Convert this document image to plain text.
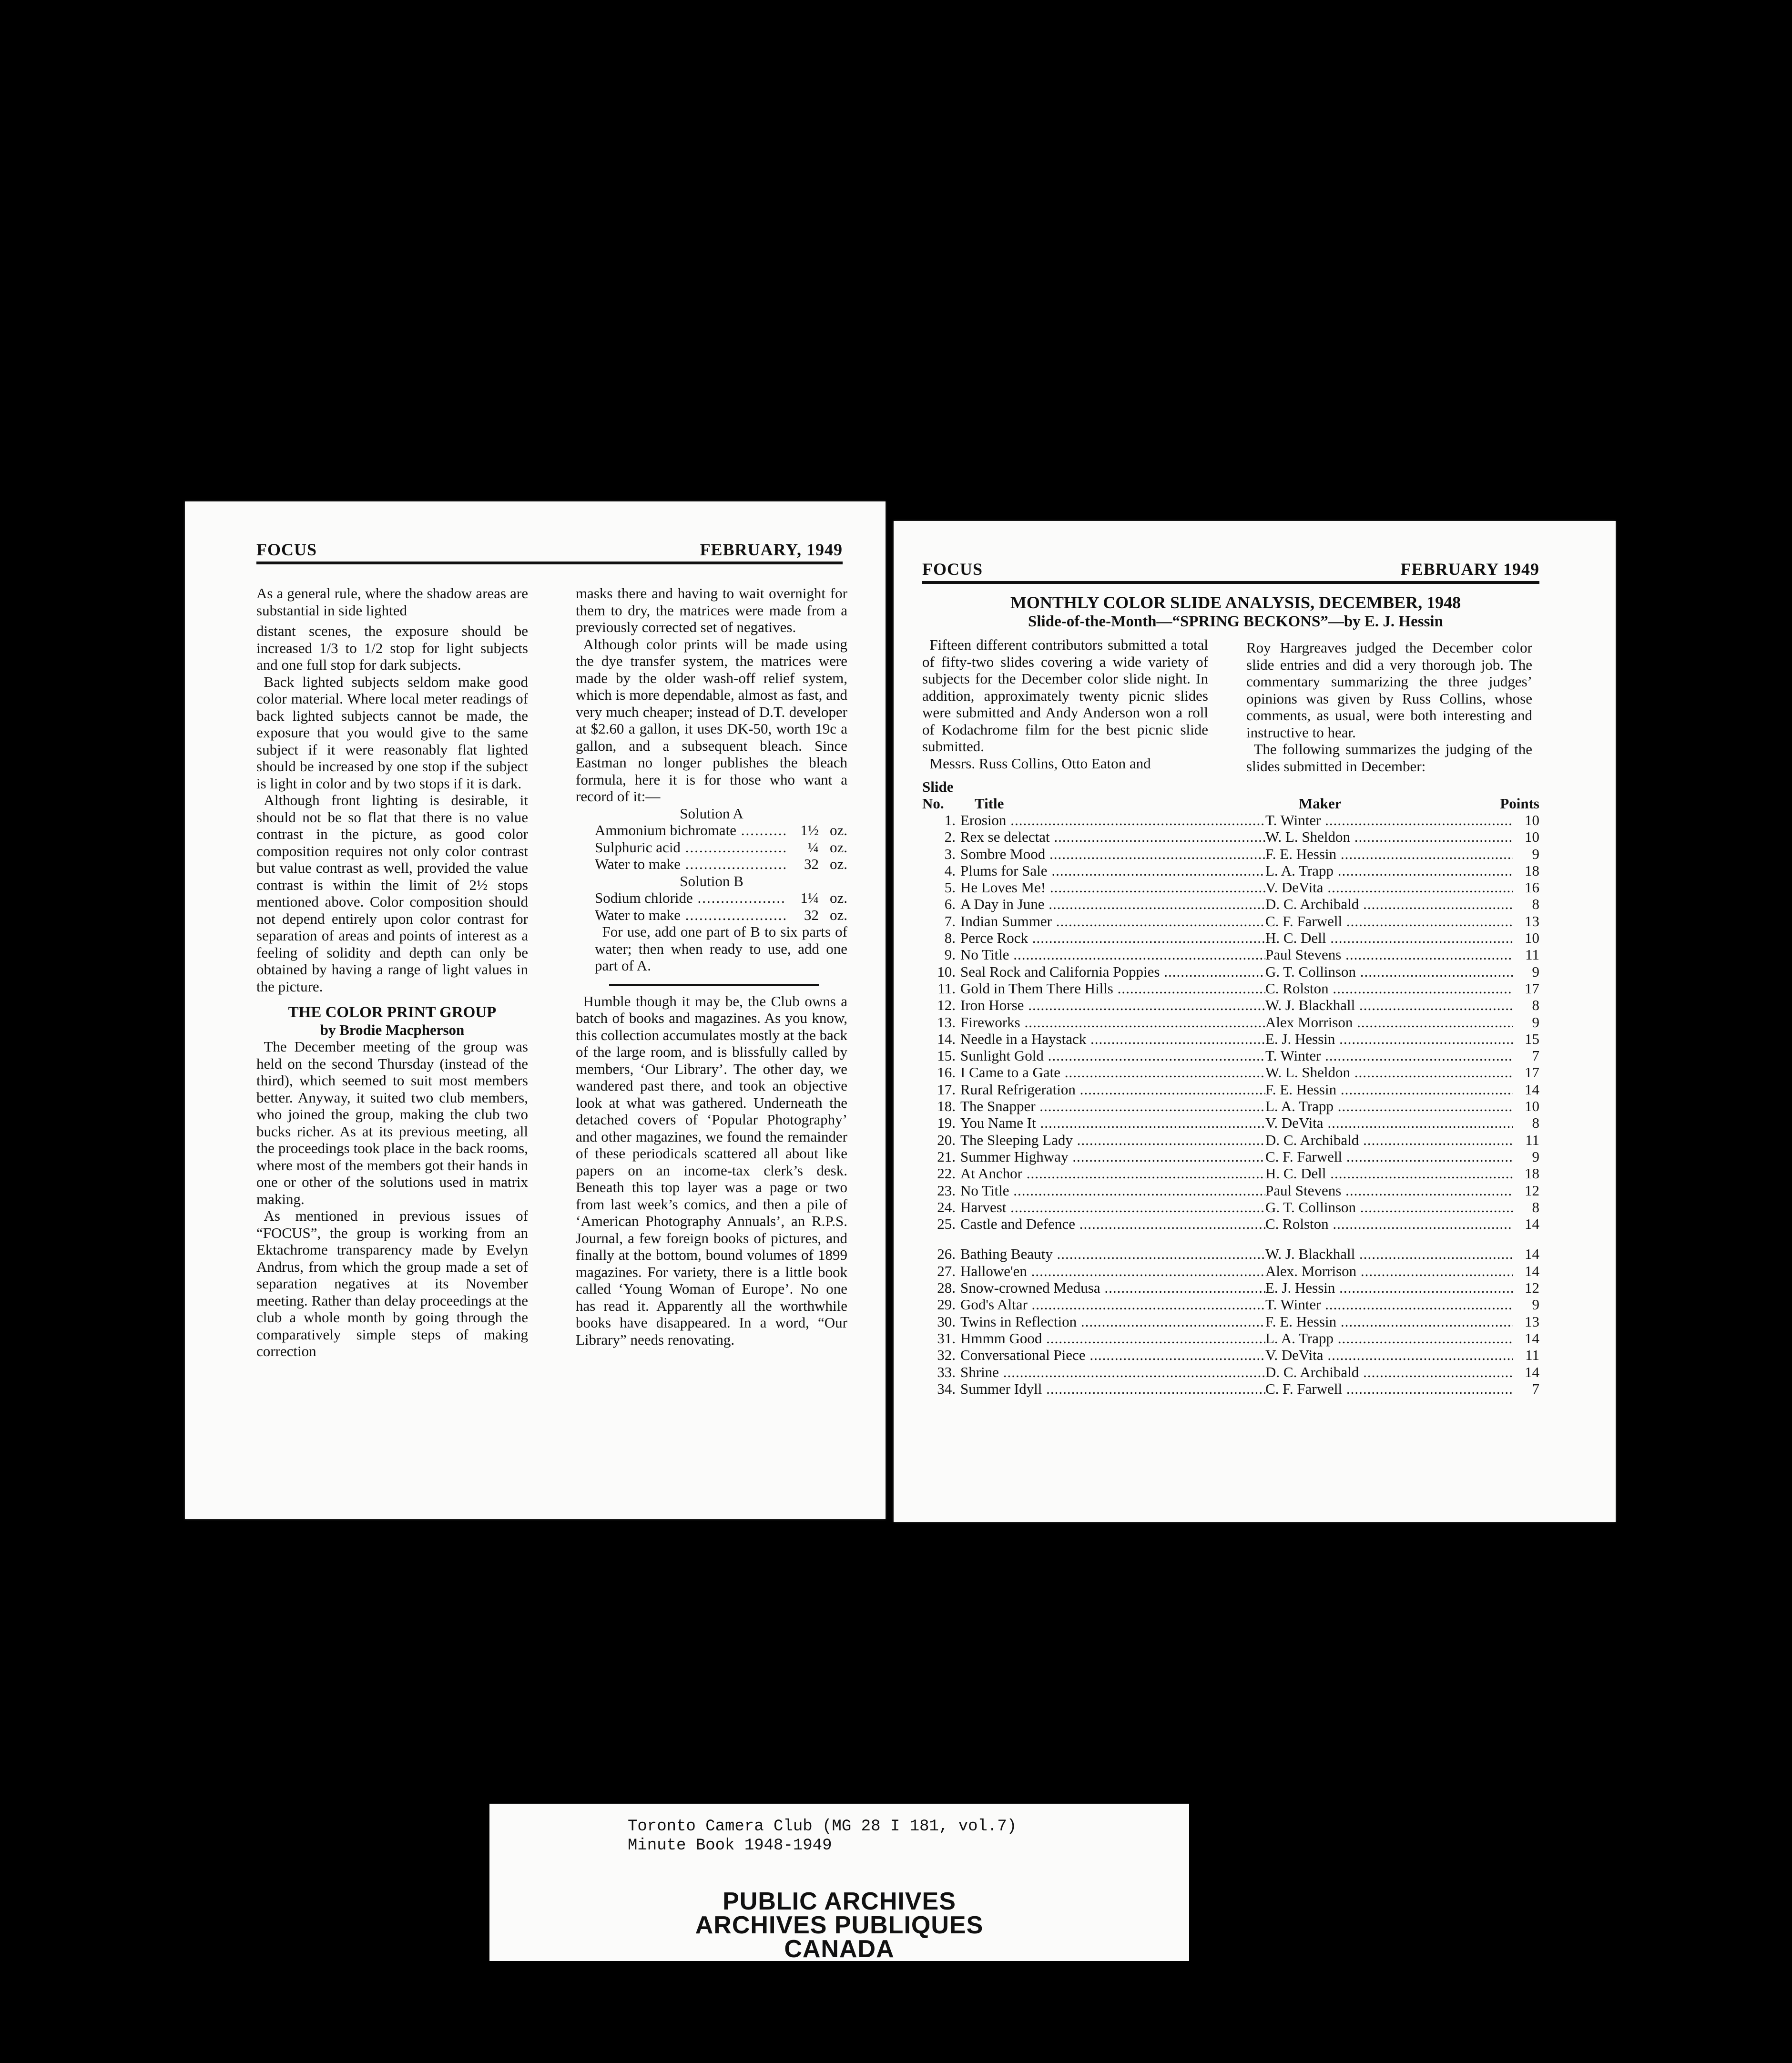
FOCUS	FEBRUARY, 1949

As a general rule, where the shadow areas are substantial in side lighted

distant scenes, the exposure should be increased 1/3 to 1/2 stop for light subjects and one full stop for dark subjects.

Back lighted subjects seldom make good color material. Where local meter readings of back lighted subjects cannot be made, the exposure that you would give to the same subject if it were reasonably flat lighted should be increased by one stop if the subject is light in color and by two stops if it is dark.

Although front lighting is desirable, it should not be so flat that there is no value contrast in the picture, as good color composition requires not only color contrast but value contrast as well, provided the value contrast is within the limit of 2½ stops mentioned above. Color composition should not depend entirely upon color contrast for separation of areas and points of interest as a feeling of solidity and depth can only be obtained by having a range of light values in the picture.

THE COLOR PRINT GROUP

by Brodie Macpherson

The December meeting of the group was held on the second Thursday (instead of the third), which seemed to suit most members better. Anyway, it suited two club members, who joined the group, making the club two bucks richer. As at its previous meeting, all the proceedings took place in the back rooms, where most of the members got their hands in one or other of the solutions used in matrix making.

As mentioned in previous issues of “FOCUS”, the group is working from an Ektachrome transparency made by Evelyn Andrus, from which the group made a set of separation negatives at its November meeting. Rather than delay proceedings at the club a whole month by going through the comparatively simple steps of making correction

masks there and having to wait overnight for them to dry, the matrices were made from a previously corrected set of negatives.

Although color prints will be made using the dye transfer system, the matrices were made by the older wash-off relief system, which is more dependable, almost as fast, and very much cheaper; instead of D.T. developer at $2.60 a gallon, it uses DK-50, worth 19c a gallon, and a subsequent bleach. Since Eastman no longer publishes the bleach formula, here it is for those who want a record of it:—

Solution A

Ammonium bichromate .....	1½ oz.
Sulphuric acid .....	¼ oz.
Water to make .....	32 oz.

Solution B

Sodium chloride .....	1¼ oz.
Water to make .....	32 oz.

For use, add one part of B to six parts of water; then when ready to use, add one part of A.

Humble though it may be, the Club owns a batch of books and magazines. As you know, this collection accumulates mostly at the back of the large room, and is blissfully called by members, ‘Our Library’. The other day, we wandered past there, and took an objective look at what was gathered. Underneath the detached covers of ‘Popular Photography’ and other magazines, we found the remainder of these periodicals scattered all about like papers on an income-tax clerk’s desk. Beneath this top layer was a page or two from last week’s comics, and then a pile of ‘American Photography Annuals’, an R.P.S. Journal, a few foreign books of pictures, and finally at the bottom, bound volumes of 1899 magazines. For variety, there is a little book called ‘Young Woman of Europe’. No one has read it. Apparently all the worthwhile books have disappeared. In a word, “Our Library” needs renovating.

FOCUS	FEBRUARY 1949
MONTHLY COLOR SLIDE ANALYSIS, DECEMBER, 1948
Slide-of-the-Month—“SPRING BECKONS”—by E. J. Hessin

Fifteen different contributors submitted a total of fifty-two slides covering a wide variety of subjects for the December color slide night. In addition, approximately twenty picnic slides were submitted and Andy Anderson won a roll of Kodachrome film for the best picnic slide submitted.

Messrs. Russ Collins, Otto Eaton and

Roy Hargreaves judged the December color slide entries and did a very thorough job. The commentary summarizing the three judges’ opinions was given by Russ Collins, whose comments, as usual, were both interesting and instructive to hear.

The following summarizes the judging of the slides submitted in December:

Slide
No. Title	Maker	Points
1. Erosion .....	T. Winter .....	10
2. Rex se delectat .....	W. L. Sheldon .....	10
3. Sombre Mood .....	F. E. Hessin .....	9
4. Plums for Sale .....	L. A. Trapp .....	18
5. He Loves Me! .....	V. DeVita .....	16
6. A Day in June .....	D. C. Archibald .....	8
7. Indian Summer .....	C. F. Farwell .....	13
8. Perce Rock .....	H. C. Dell .....	10
9. No Title .....	Paul Stevens .....	11
10. Seal Rock and California Poppies .....	G. T. Collinson .....	9
11. Gold in Them There Hills .....	C. Rolston .....	17
12. Iron Horse .....	W. J. Blackhall .....	8
13. Fireworks .....	Alex Morrison .....	9
14. Needle in a Haystack .....	E. J. Hessin .....	15
15. Sunlight Gold .....	T. Winter .....	7
16. I Came to a Gate .....	W. L. Sheldon .....	17
17. Rural Refrigeration .....	F. E. Hessin .....	14
18. The Snapper .....	L. A. Trapp .....	10
19. You Name It .....	V. DeVita .....	8
20. The Sleeping Lady .....	D. C. Archibald .....	11
21. Summer Highway .....	C. F. Farwell .....	9
22. At Anchor .....	H. C. Dell .....	18
23. No Title .....	Paul Stevens .....	12
24. Harvest .....	G. T. Collinson .....	8
25. Castle and Defence .....	C. Rolston .....	14
26. Bathing Beauty .....	W. J. Blackhall .....	14
27. Hallowe'en .....	Alex. Morrison .....	14
28. Snow-crowned Medusa .....	E. J. Hessin .....	12
29. God's Altar .....	T. Winter .....	9
30. Twins in Reflection .....	F. E. Hessin .....	13
31. Hmmm Good .....	L. A. Trapp .....	14
32. Conversational Piece .....	V. DeVita .....	11
33. Shrine .....	D. C. Archibald .....	14
34. Summer Idyll .....	C. F. Farwell .....	7
Toronto Camera Club (MG 28 I 181, vol.7)
Minute Book 1948-1949
PUBLIC ARCHIVES
ARCHIVES PUBLIQUES
CANADA
